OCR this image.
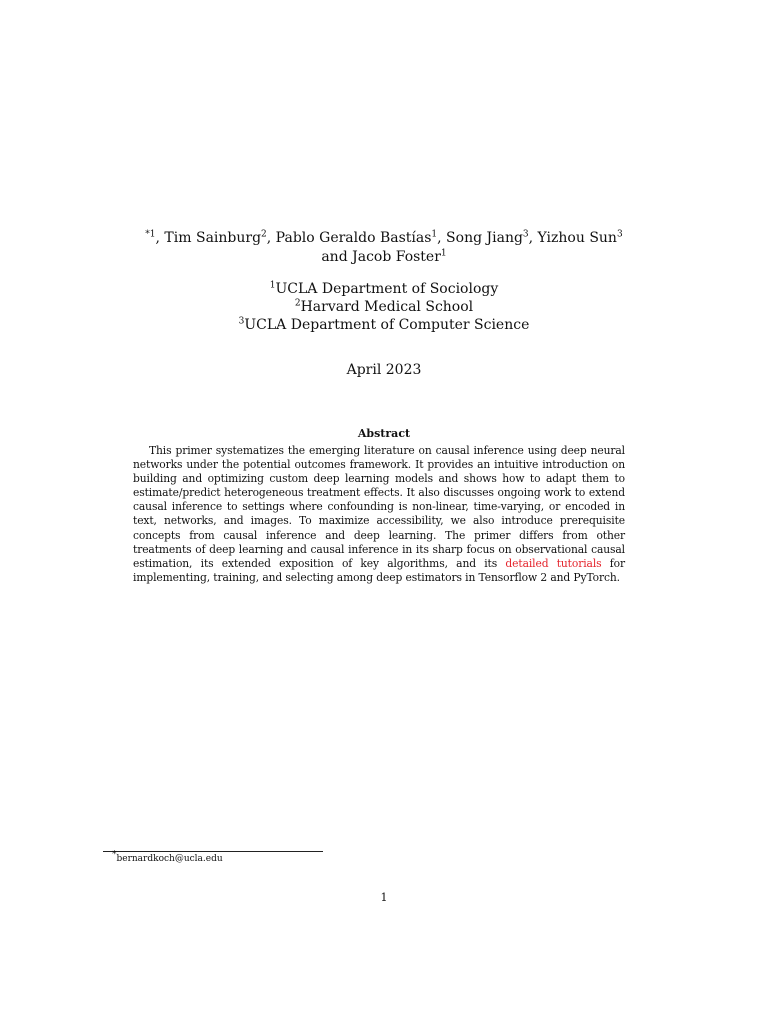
$^{*1}$, Tim Sainburg$^2$, Pablo Geraldo Bastías$^1$, Song Jiang$^3$, Yizhou Sun$^3$
and Jacob Foster$^1$
$^1$UCLA Department of Sociology
$^2$Harvard Medical School
$^3$UCLA Department of Computer Science
April 2023
Abstract
This primer systematizes the emerging literature on causal inference using deep neural networks under the potential outcomes framework. It provides an intuitive introduction on building and optimizing custom deep learning models and shows how to adapt them to estimate/predict heterogeneous treatment effects. It also discusses ongoing work to extend causal inference to settings where confounding is non-linear, time-varying, or encoded in text, networks, and images. To maximize accessibility, we also introduce prerequisite concepts from causal inference and deep learning. The primer differs from other treatments of deep learning and causal inference in its sharp focus on observational causal estimation, its extended exposition of key algorithms, and its detailed tutorials for implementing, training, and selecting among deep estimators in Tensorflow 2 and PyTorch.
*bernardkoch@ucla.edu
1
